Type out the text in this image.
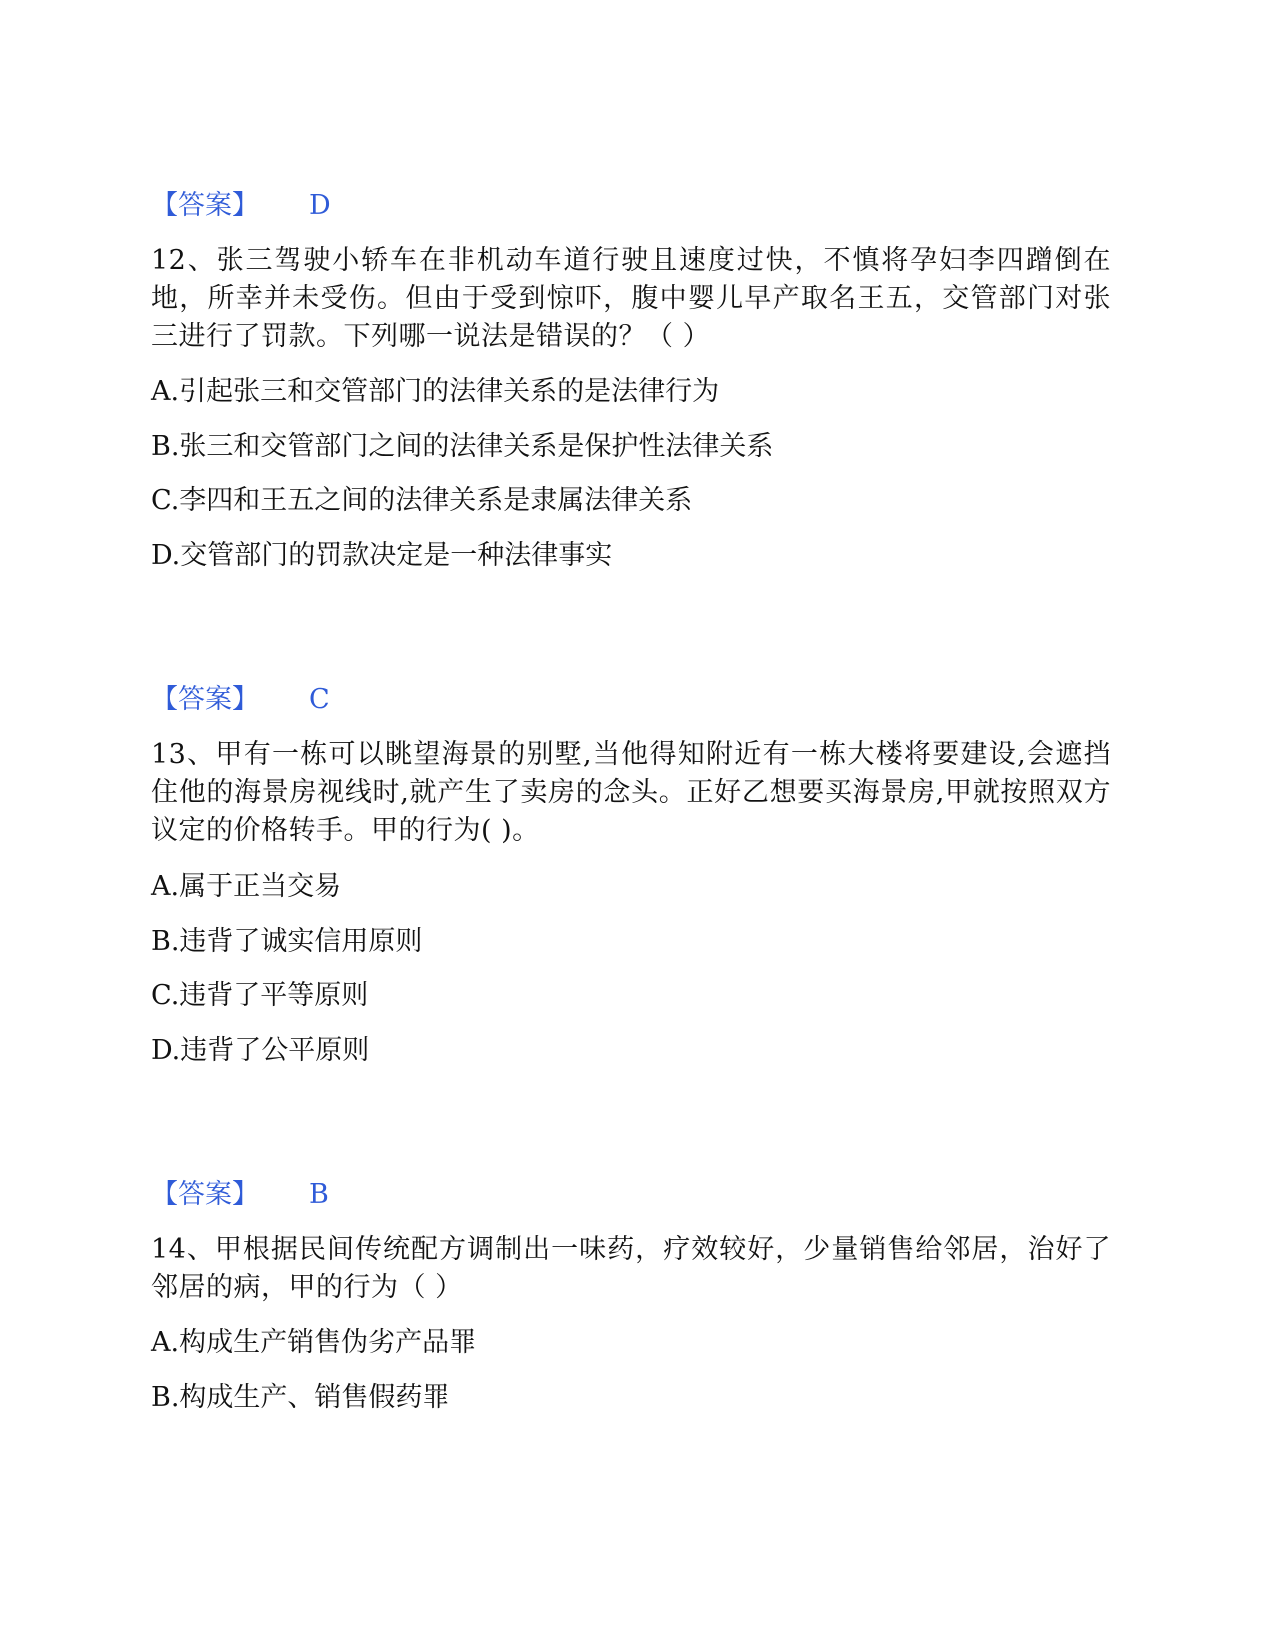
【答案】 D
12、张三驾驶小轿车在非机动车道行驶且速度过快，不慎将孕妇李四蹭倒在地，所幸并未受伤。但由于受到惊吓，腹中婴儿早产取名王五，交管部门对张三进行了罚款。下列哪一说法是错误的？（ ）
A.引起张三和交管部门的法律关系的是法律行为
B.张三和交管部门之间的法律关系是保护性法律关系
C.李四和王五之间的法律关系是隶属法律关系
D.交管部门的罚款决定是一种法律事实
【答案】 C
13、甲有一栋可以眺望海景的别墅,当他得知附近有一栋大楼将要建设,会遮挡住他的海景房视线时,就产生了卖房的念头。正好乙想要买海景房,甲就按照双方议定的价格转手。甲的行为( )。
A.属于正当交易
B.违背了诚实信用原则
C.违背了平等原则
D.违背了公平原则
【答案】 B
14、甲根据民间传统配方调制出一味药，疗效较好，少量销售给邻居，治好了邻居的病，甲的行为（ ）
A.构成生产销售伪劣产品罪
B.构成生产、销售假药罪
